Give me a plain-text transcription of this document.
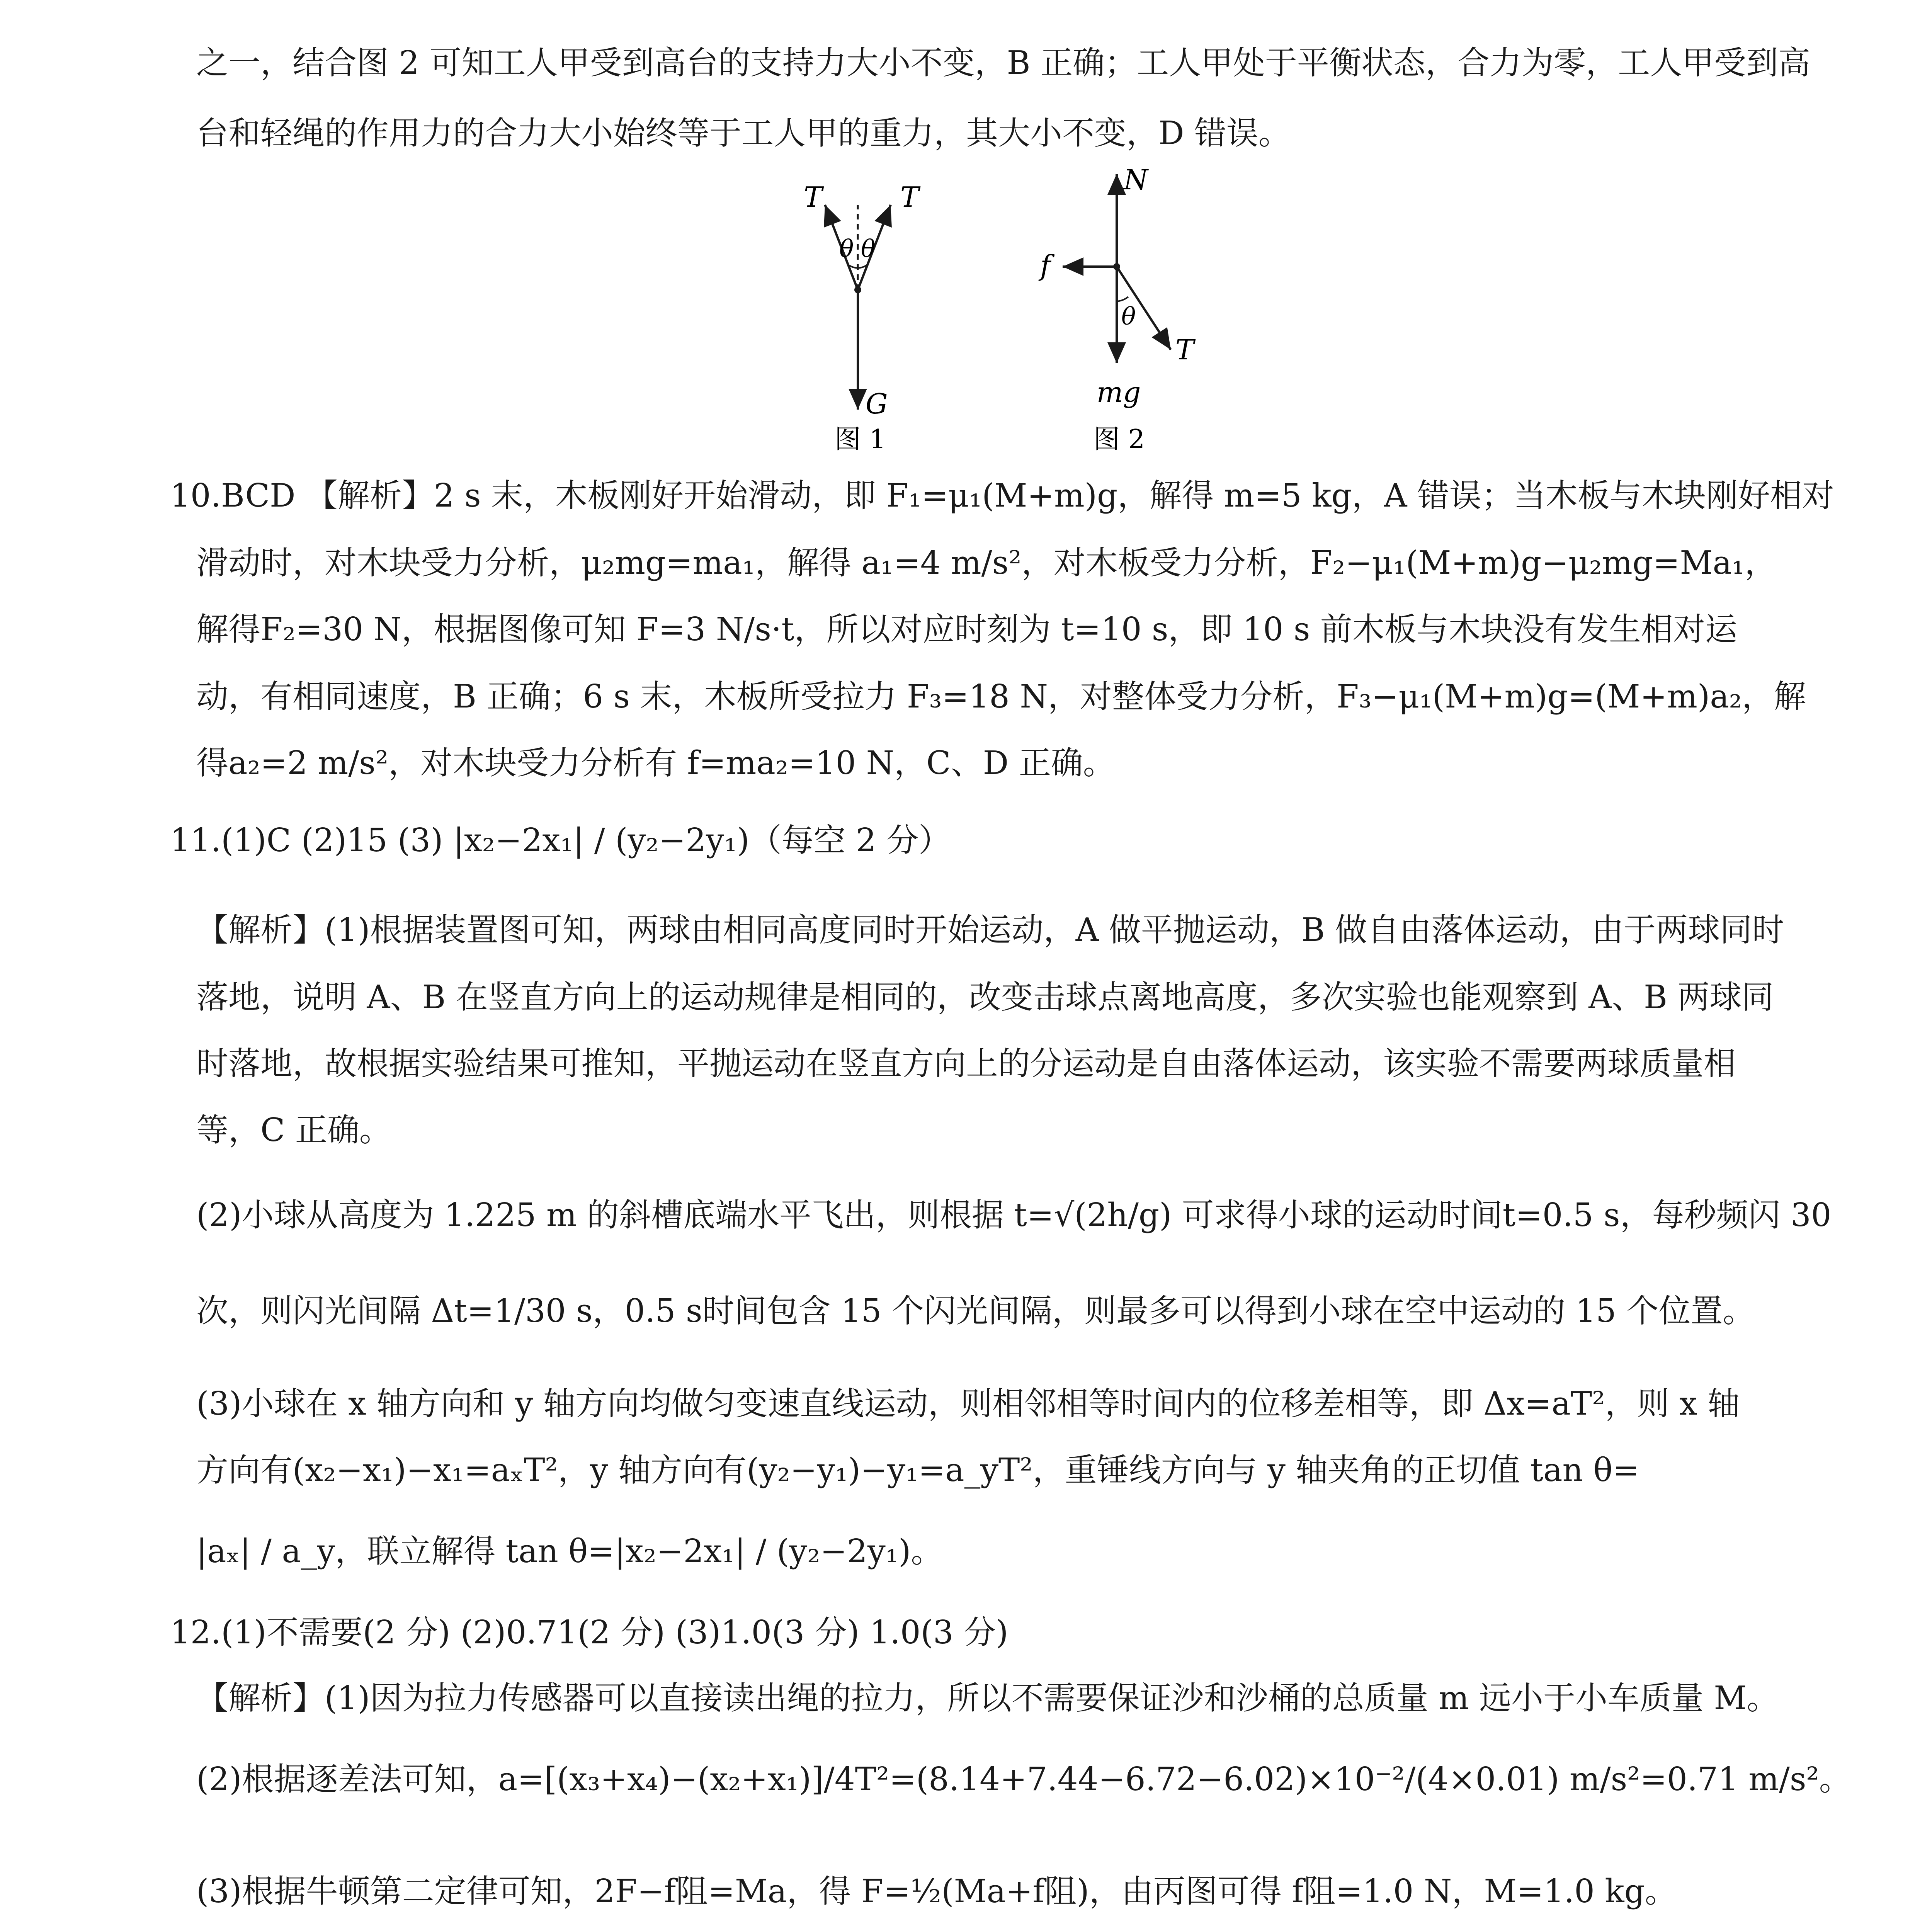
之一，结合图 2 可知工人甲受到高台的支持力大小不变，B 正确；工人甲处于平衡状态，合力为零，工人甲受到高
台和轻绳的作用力的合力大小始终等于工人甲的重力，其大小不变，D 错误。
T	T
θ θ
G
图 1
N
f
θ
T
mg
图 2
10.BCD 【解析】2 s 末，木板刚好开始滑动，即 F₁=μ₁(M+m)g，解得 m=5 kg，A 错误；当木板与木块刚好相对
滑动时，对木块受力分析，μ₂mg=ma₁，解得 a₁=4 m/s²，对木板受力分析，F₂−μ₁(M+m)g−μ₂mg=Ma₁，
解得F₂=30 N，根据图像可知 F=3 N/s·t，所以对应时刻为 t=10 s，即 10 s 前木板与木块没有发生相对运
动，有相同速度，B 正确；6 s 末，木板所受拉力 F₃=18 N，对整体受力分析，F₃−μ₁(M+m)g=(M+m)a₂，解
得a₂=2 m/s²，对木块受力分析有 f=ma₂=10 N，C、D 正确。
11.(1)C (2)15 (3) |x₂−2x₁| / (y₂−2y₁)（每空 2 分）
【解析】(1)根据装置图可知，两球由相同高度同时开始运动，A 做平抛运动，B 做自由落体运动，由于两球同时
落地，说明 A、B 在竖直方向上的运动规律是相同的，改变击球点离地高度，多次实验也能观察到 A、B 两球同
时落地，故根据实验结果可推知，平抛运动在竖直方向上的分运动是自由落体运动，该实验不需要两球质量相
等，C 正确。
(2)小球从高度为 1.225 m 的斜槽底端水平飞出，则根据 t=√(2h/g) 可求得小球的运动时间t=0.5 s，每秒频闪 30
次，则闪光间隔 Δt=1/30 s，0.5 s时间包含 15 个闪光间隔，则最多可以得到小球在空中运动的 15 个位置。
(3)小球在 x 轴方向和 y 轴方向均做匀变速直线运动，则相邻相等时间内的位移差相等，即 Δx=aT²，则 x 轴
方向有(x₂−x₁)−x₁=aₓT²，y 轴方向有(y₂−y₁)−y₁=a_yT²，重锤线方向与 y 轴夹角的正切值 tan θ=
|aₓ| / a_y，联立解得 tan θ=|x₂−2x₁| / (y₂−2y₁)。
12.(1)不需要(2 分) (2)0.71(2 分) (3)1.0(3 分) 1.0(3 分)
【解析】(1)因为拉力传感器可以直接读出绳的拉力，所以不需要保证沙和沙桶的总质量 m 远小于小车质量 M。
(2)根据逐差法可知，a=[(x₃+x₄)−(x₂+x₁)]/4T²=(8.14+7.44−6.72−6.02)×10⁻²/(4×0.01) m/s²=0.71 m/s²。
(3)根据牛顿第二定律可知，2F−f阻=Ma，得 F=½(Ma+f阻)，由丙图可得 f阻=1.0 N，M=1.0 kg。
